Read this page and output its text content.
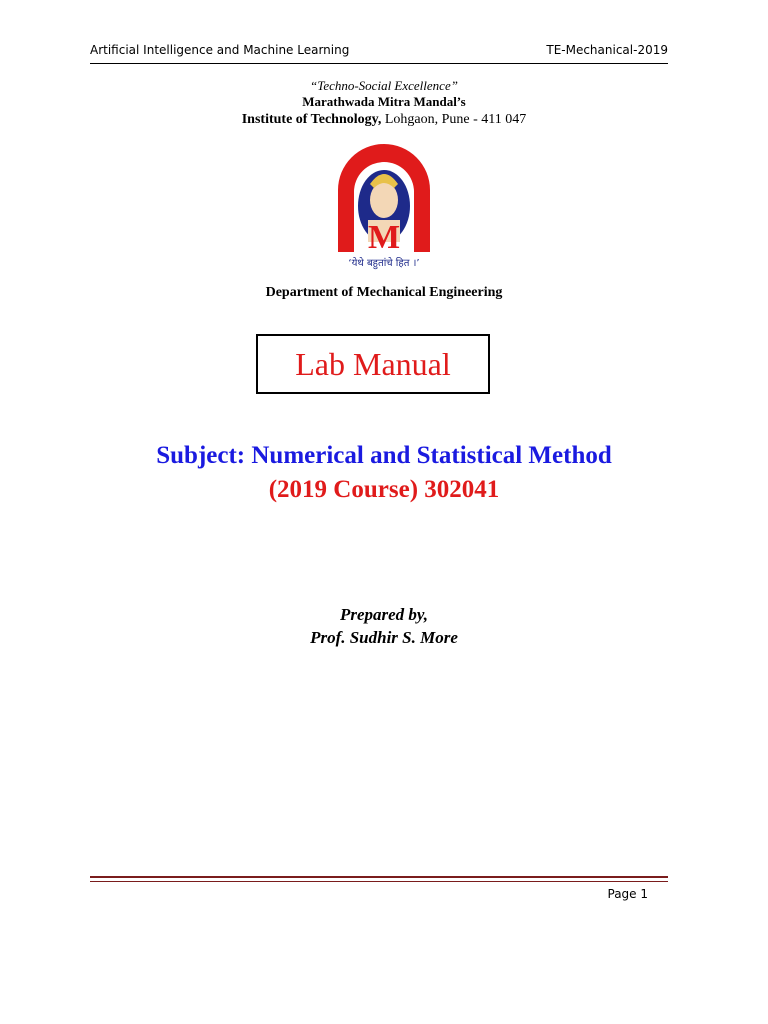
Artificial Intelligence and Machine Learning	TE-Mechanical-2019
“Techno-Social Excellence”
Marathwada Mitra Mandal’s
Institute of Technology, Lohgaon, Pune - 411 047
M
‘येथे बहुतांचे हित ।’
Department of Mechanical Engineering
Lab Manual
Subject: Numerical and Statistical Method
(2019 Course) 302041
Prepared by,
Prof. Sudhir S. More
Page 1
